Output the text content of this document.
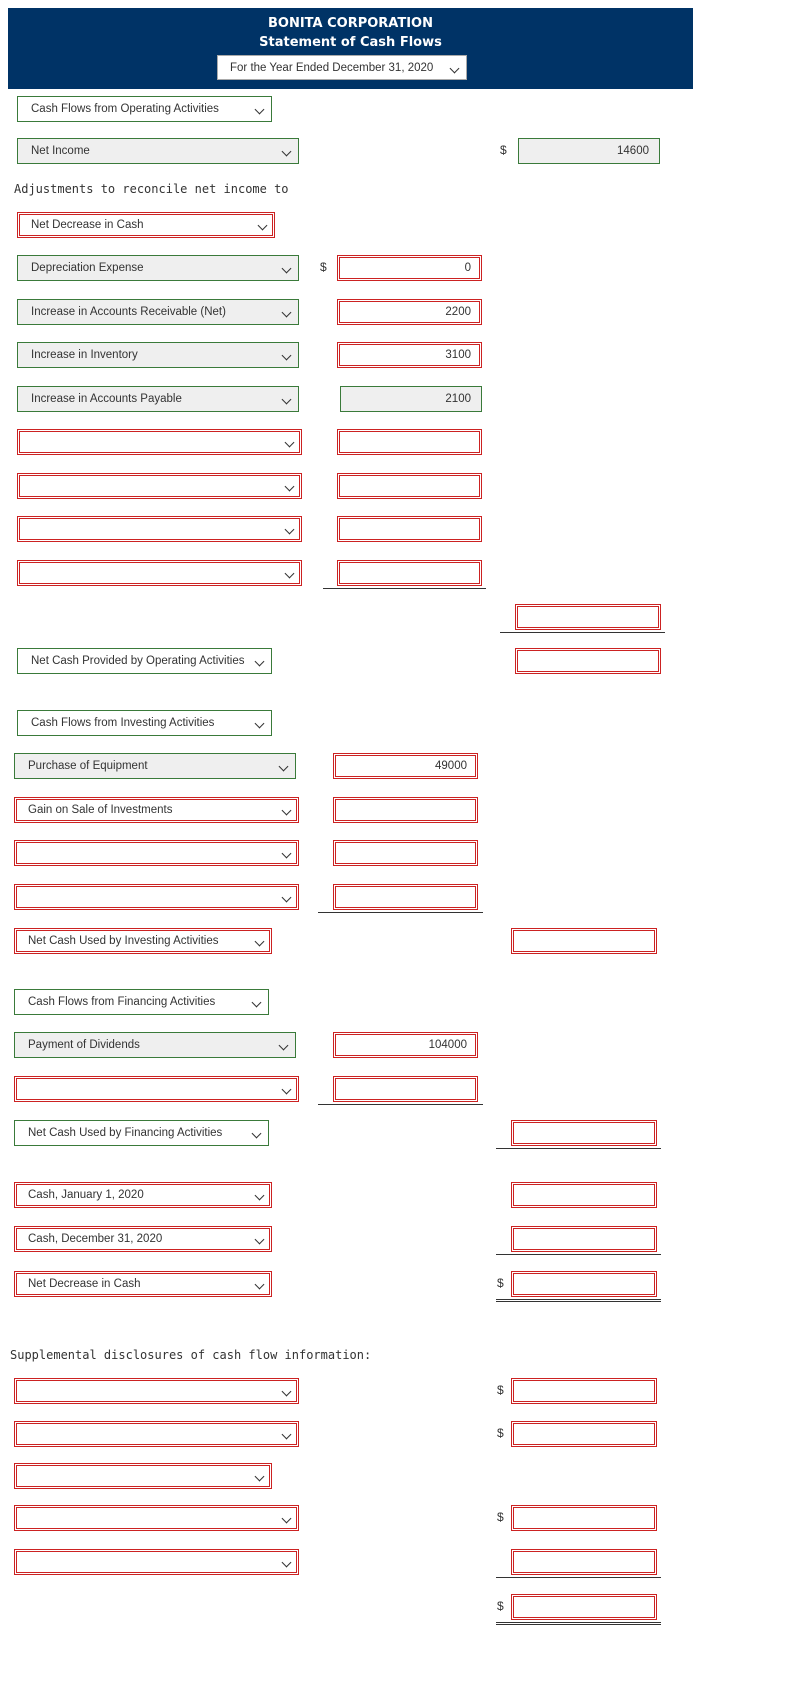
BONITA CORPORATION
Statement of Cash Flows
For the Year Ended December 31, 2020
Cash Flows from Operating Activities
Net Income	$	14600
Adjustments to reconcile net income to
Net Decrease in Cash
Depreciation Expense	$	0
Increase in Accounts Receivable (Net)	2200
Increase in Inventory	3100
Increase in Accounts Payable	2100
Net Cash Provided by Operating Activities
Cash Flows from Investing Activities
Purchase of Equipment	49000
Gain on Sale of Investments
Net Cash Used by Investing Activities
Cash Flows from Financing Activities
Payment of Dividends	104000
Net Cash Used by Financing Activities
Cash, January 1, 2020
Cash, December 31, 2020
Net Decrease in Cash	$
Supplemental disclosures of cash flow information:
$
$
$
$
